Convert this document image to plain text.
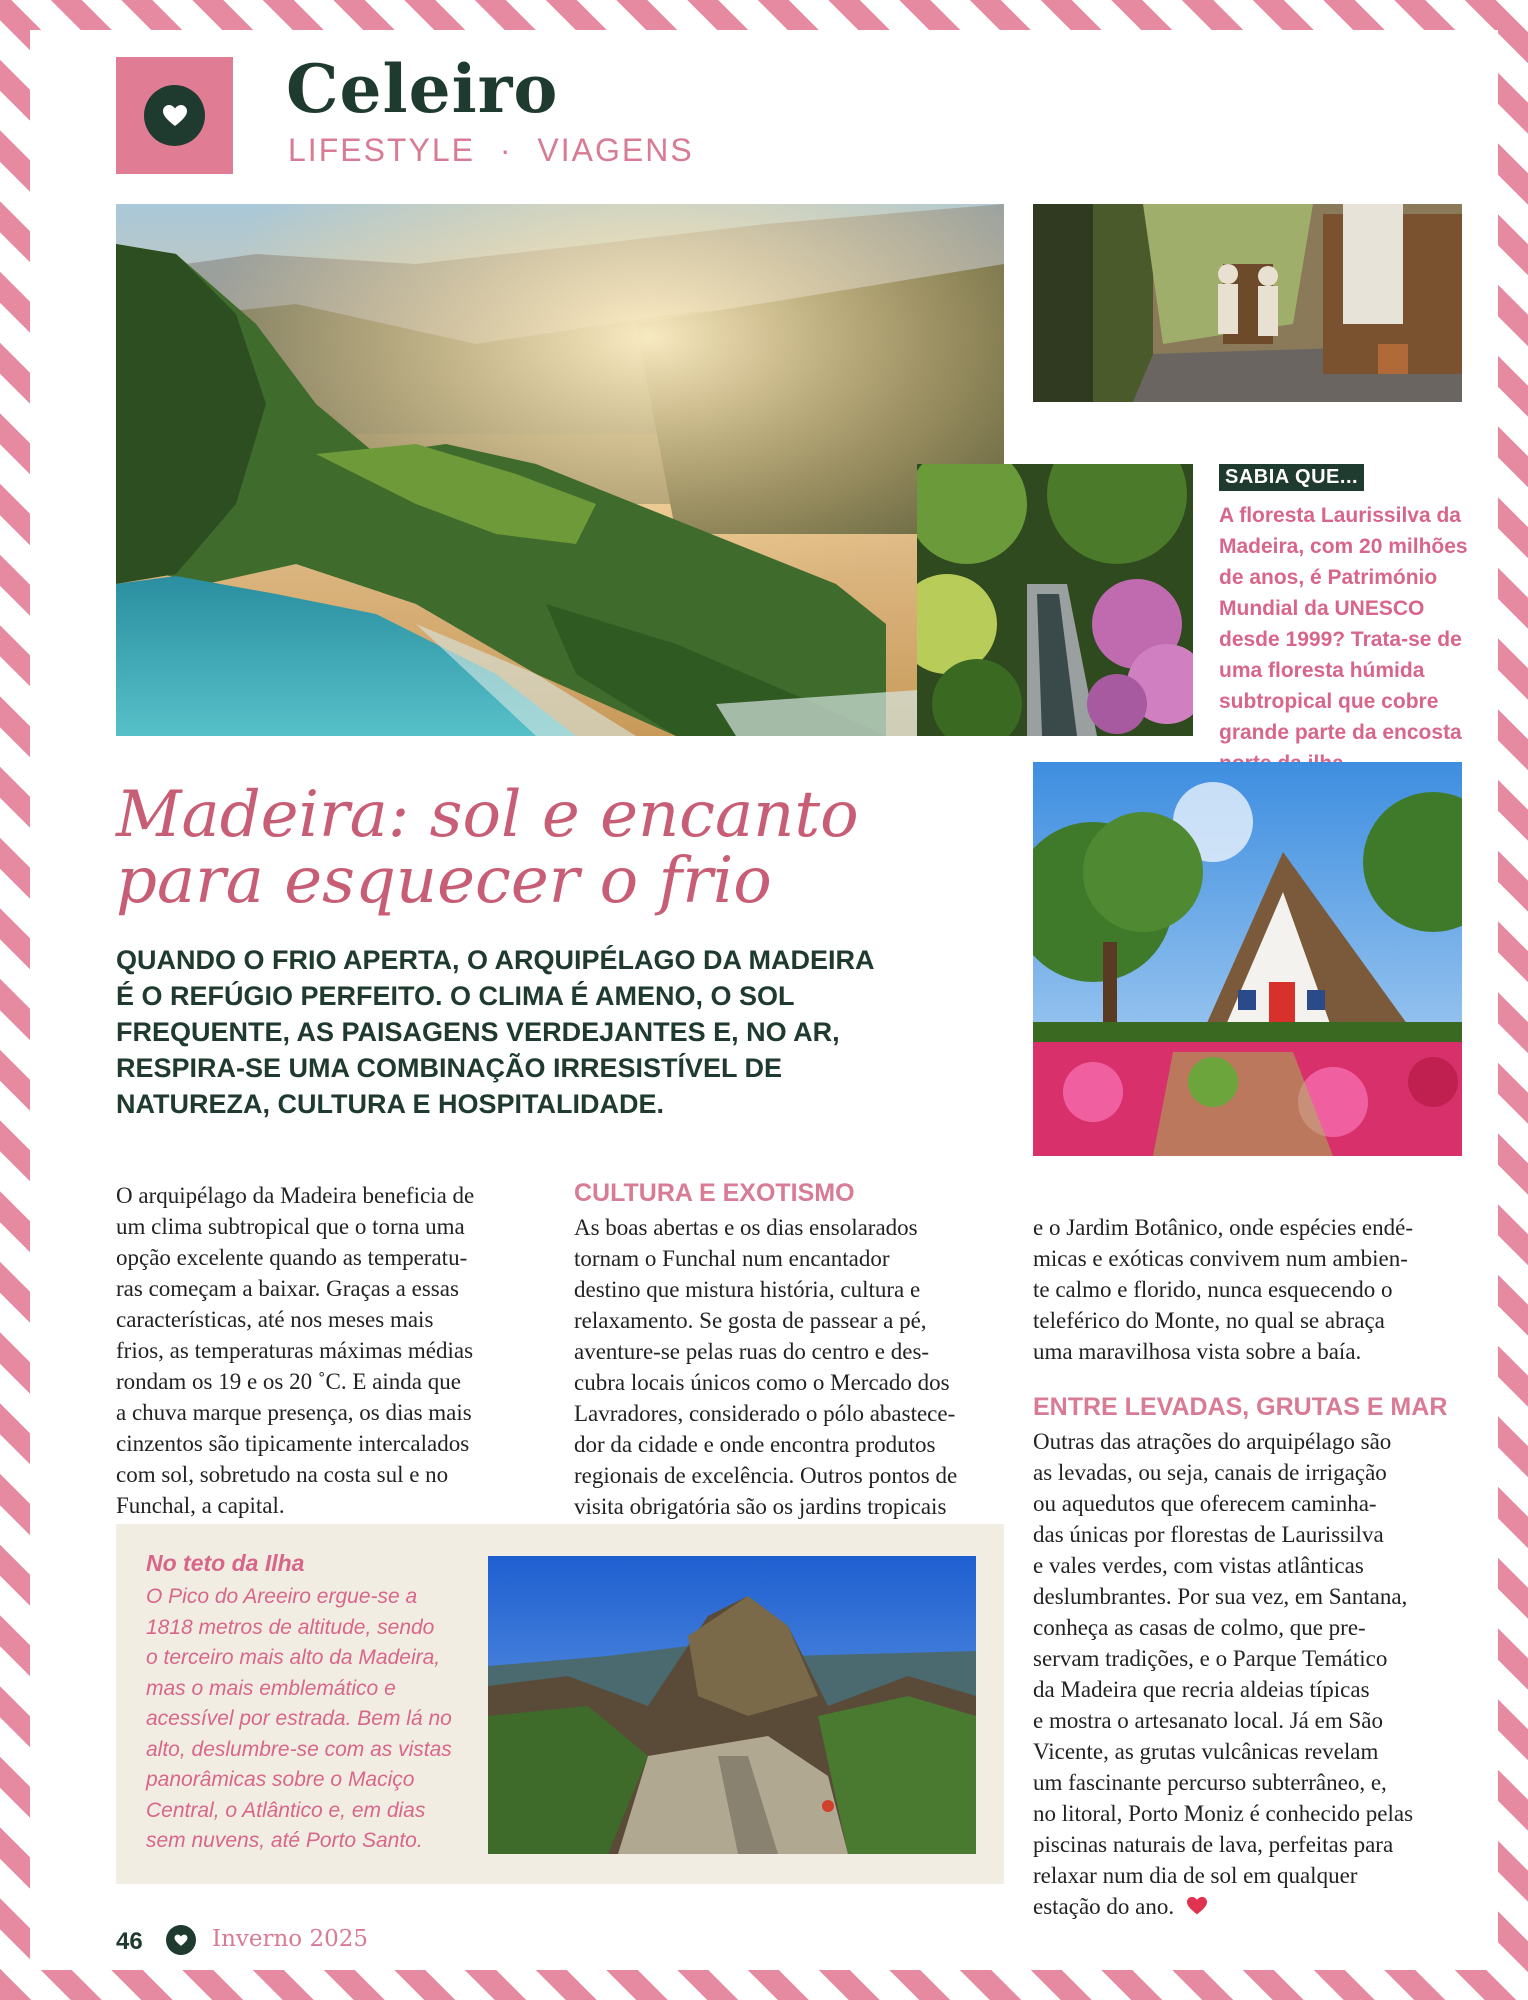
Celeiro
LIFESTYLE · VIAGENS
SABIA QUE...
A floresta Laurissilva da Madeira, com 20 milhões de anos, é Património Mundial da UNESCO desde 1999? Trata-se de uma floresta húmida subtropical que cobre grande parte da encosta
Madeira: sol e encanto
para esquecer o frio
QUANDO O FRIO APERTA, O ARQUIPÉLAGO DA MADEIRA É O REFÚGIO PERFEITO. O CLIMA É AMENO, O SOL FREQUENTE, AS PAISAGENS VERDEJANTES E, NO AR, RESPIRA-SE UMA COMBINAÇÃO IRRESISTÍVEL DE NATUREZA, CULTURA E HOSPITALIDADE.
O arquipélago da Madeira beneficia de
um clima subtropical que o torna uma
opção excelente quando as temperatu-
ras começam a baixar. Graças a essas
características, até nos meses mais
frios, as temperaturas máximas médias
rondam os 19 e os 20 ˚C. E ainda que
a chuva marque presença, os dias mais
cinzentos são tipicamente intercalados
com sol, sobretudo na costa sul e no
Funchal, a capital.
CULTURA E EXOTISMO
As boas abertas e os dias ensolarados
tornam o Funchal num encantador
destino que mistura história, cultura e
relaxamento. Se gosta de passear a pé,
aventure-se pelas ruas do centro e des-
cubra locais únicos como o Mercado dos
Lavradores, considerado o pólo abastece-
dor da cidade e onde encontra produtos
regionais de excelência. Outros pontos de
visita obrigatória são os jardins tropicais
e o Jardim Botânico, onde espécies endé-
micas e exóticas convivem num ambien-
te calmo e florido, nunca esquecendo o
teleférico do Monte, no qual se abraça
uma maravilhosa vista sobre a baía.
ENTRE LEVADAS, GRUTAS E MAR
Outras das atrações do arquipélago são
as levadas, ou seja, canais de irrigação
ou aquedutos que oferecem caminha-
das únicas por florestas de Laurissilva
e vales verdes, com vistas atlânticas
deslumbrantes. Por sua vez, em Santana,
conheça as casas de colmo, que pre-
servam tradições, e o Parque Temático
da Madeira que recria aldeias típicas
e mostra o artesanato local. Já em São
Vicente, as grutas vulcânicas revelam
um fascinante percurso subterrâneo, e,
no litoral, Porto Moniz é conhecido pelas
piscinas naturais de lava, perfeitas para
relaxar num dia de sol em qualquer
estação do ano.
No teto da Ilha
O Pico do Areeiro ergue-se a
1818 metros de altitude, sendo
o terceiro mais alto da Madeira,
mas o mais emblemático e
acessível por estrada. Bem lá no
alto, deslumbre-se com as vistas
panorâmicas sobre o Maciço
Central, o Atlântico e, em dias
sem nuvens, até Porto Santo.
46	Inverno 2025
